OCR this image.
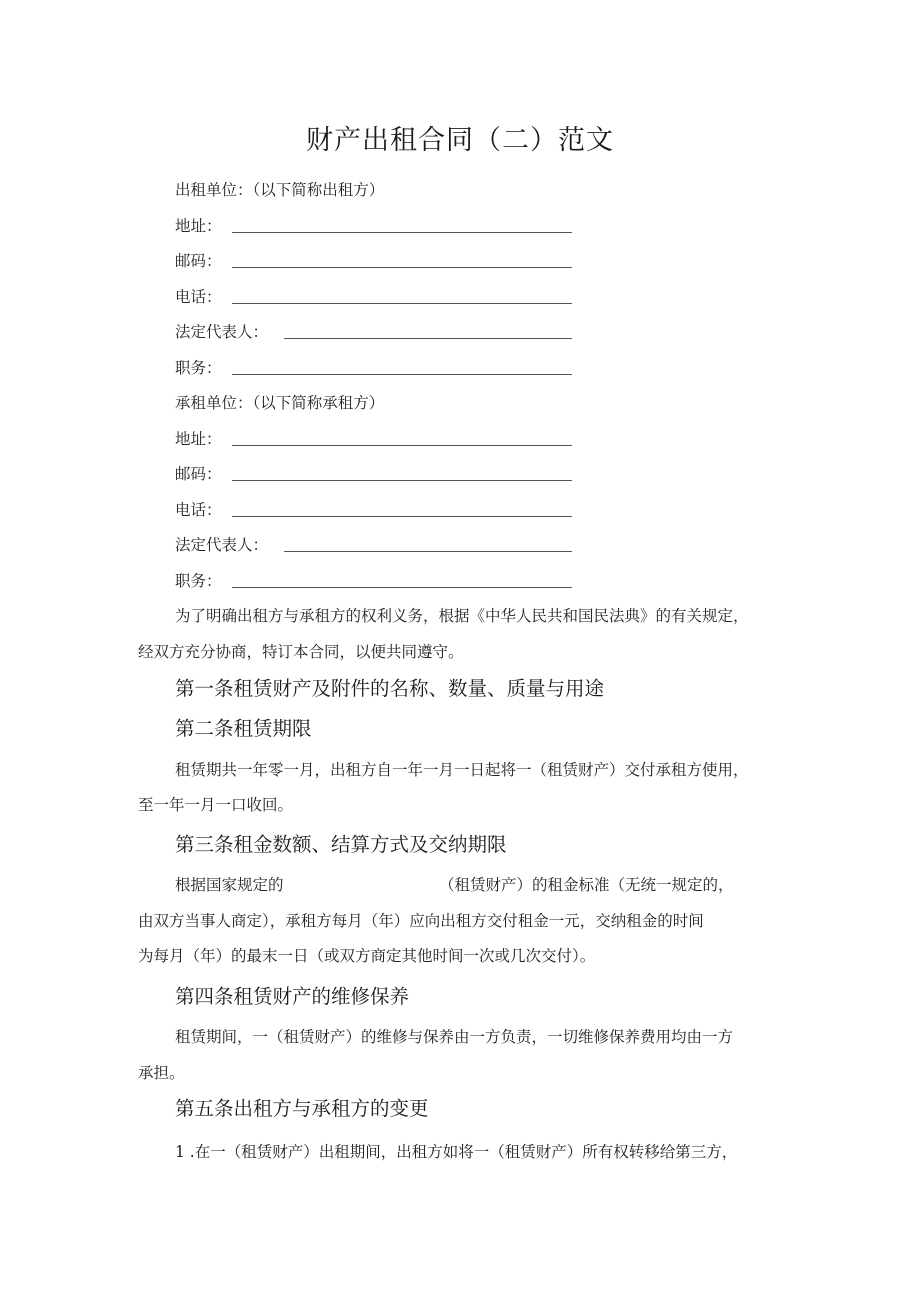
财产出租合同（二）范文
出租单位：（以下简称出租方）
地址：
邮码：
电话：
法定代表人：
职务：
承租单位：（以下简称承租方）
地址：
邮码：
电话：
法定代表人：
职务：
为了明确出租方与承租方的权利义务，根据《中华人民共和国民法典》的有关规定，
经双方充分协商，特订本合同，以便共同遵守。
第一条租赁财产及附件的名称、数量、质量与用途
第二条租赁期限
租赁期共一年零一月，出租方自一年一月一日起将一（租赁财产）交付承租方使用，
至一年一月一口收回。
第三条租金数额、结算方式及交纳期限
根据国家规定的	（租赁财产）的租金标准（无统一规定的，
由双方当事人商定），承租方每月（年）应向出租方交付租金一元，交纳租金的时间
为每月（年）的最末一日（或双方商定其他时间一次或几次交付）。
第四条租赁财产的维修保养
租赁期间，一（租赁财产）的维修与保养由一方负责，一切维修保养费用均由一方
承担。
第五条出租方与承租方的变更
1 .在一（租赁财产）出租期间，出租方如将一（租赁财产）所有权转移给第三方，
